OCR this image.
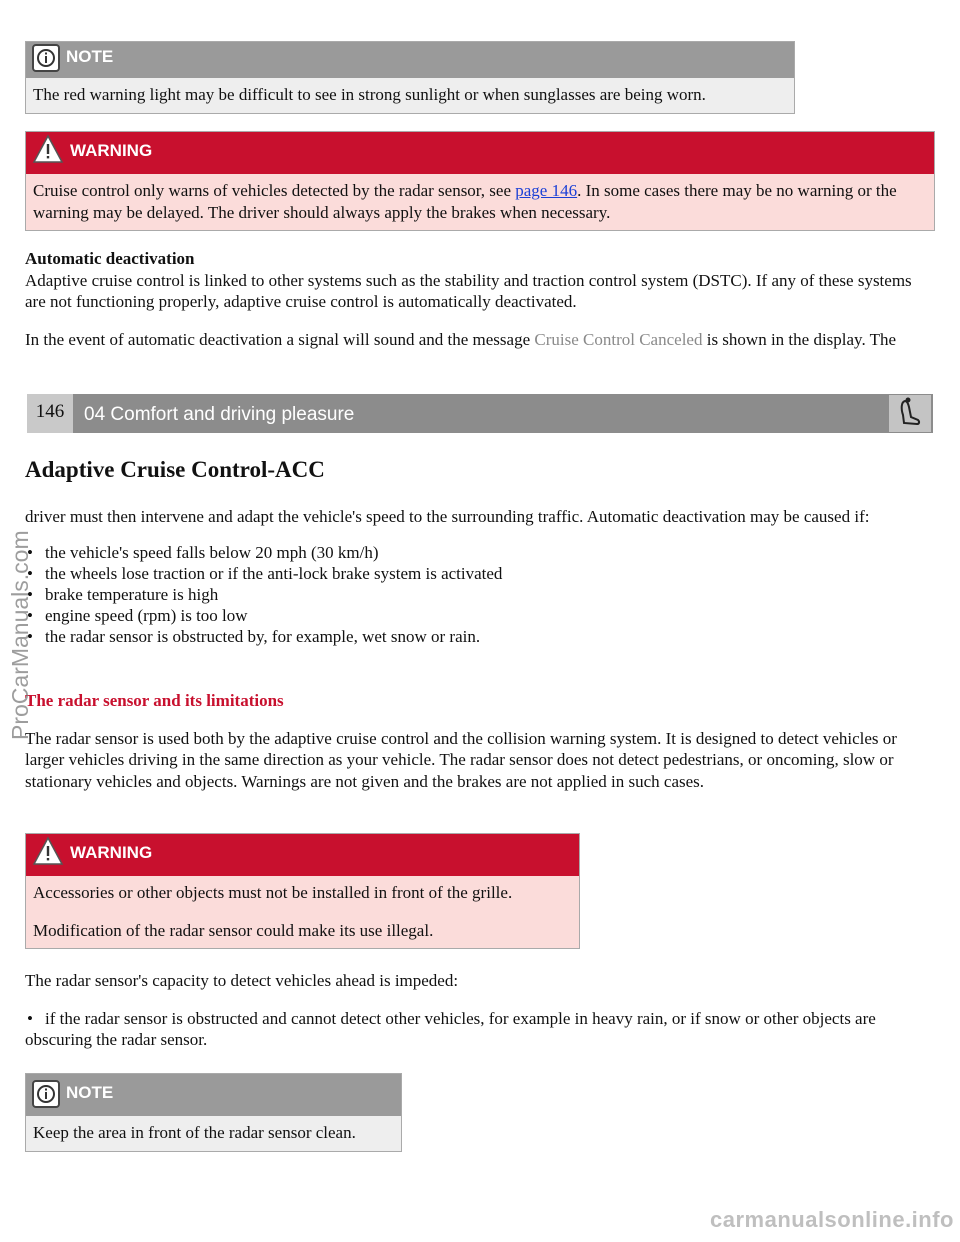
NOTE

The red warning light may be difficult to see in strong sunlight or when sunglasses are being worn.

WARNING

Cruise control only warns of vehicles detected by the radar sensor, see page 146. In some cases there may be no warning or the warning may be delayed. The driver should always apply the brakes when necessary.

Automatic deactivation

Adaptive cruise control is linked to other systems such as the stability and traction control system (DSTC). If any of these systems are not functioning properly, adaptive cruise control is automatically deactivated.

In the event of automatic deactivation a signal will sound and the message Cruise Control Canceled is shown in the display. The

146	04 Comfort and driving pleasure
Adaptive Cruise Control-ACC

driver must then intervene and adapt the vehicle's speed to the surrounding traffic. Automatic deactivation may be caused if:

• the vehicle's speed falls below 20 mph (30 km/h)
• the wheels lose traction or if the anti-lock brake system is activated
• brake temperature is high
• engine speed (rpm) is too low
• the radar sensor is obstructed by, for example, wet snow or rain.

The radar sensor and its limitations

The radar sensor is used both by the adaptive cruise control and the collision warning system. It is designed to detect vehicles or larger vehicles driving in the same direction as your vehicle. The radar sensor does not detect pedestrians, or oncoming, slow or stationary vehicles and objects. Warnings are not given and the brakes are not applied in such cases.

WARNING

Accessories or other objects must not be installed in front of the grille.

Modification of the radar sensor could make its use illegal.

The radar sensor's capacity to detect vehicles ahead is impeded:

• if the radar sensor is obstructed and cannot detect other vehicles, for example in heavy rain, or if snow or other objects are obscuring the radar sensor.

NOTE

Keep the area in front of the radar sensor clean.

ProCarManuals.com
carmanualsonline.info
